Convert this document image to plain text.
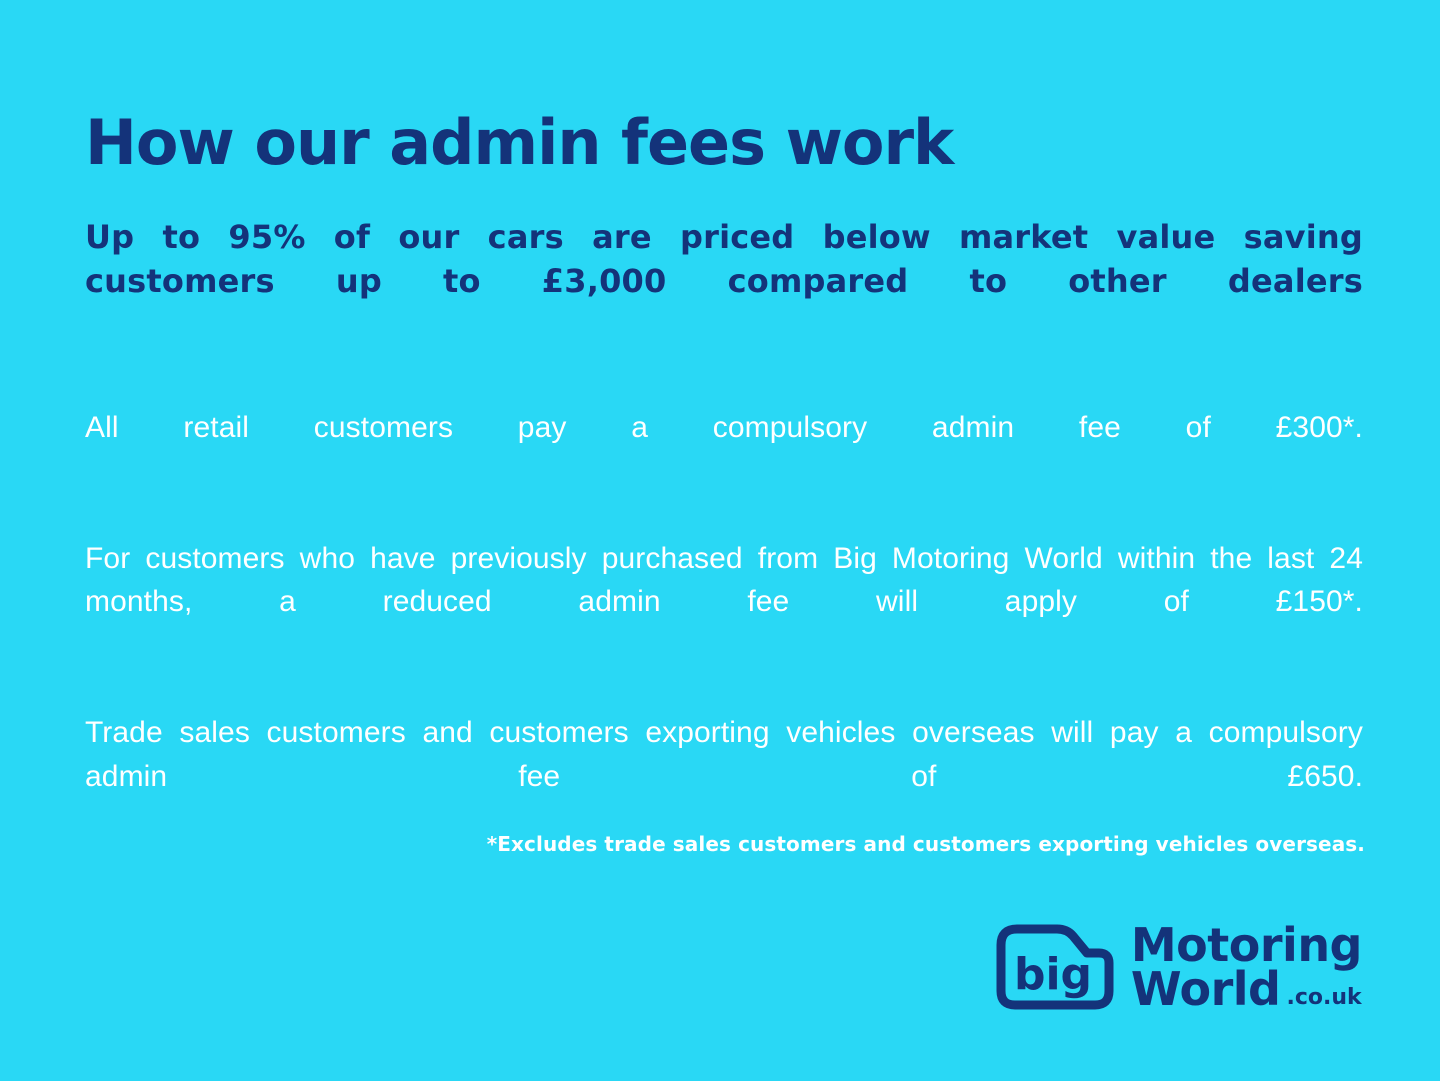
How our admin fees work

Up to 95% of our cars are priced below market value saving customers up to £3,000 compared to other dealers

All retail customers pay a compulsory admin fee of £300*.

For customers who have previously purchased from Big Motoring World within the last 24 months, a reduced admin fee will apply of £150*.

Trade sales customers and customers exporting vehicles overseas will pay a compulsory admin fee of £650.

*Excludes trade sales customers and customers exporting vehicles overseas.
big
Motoring
World .co.uk
